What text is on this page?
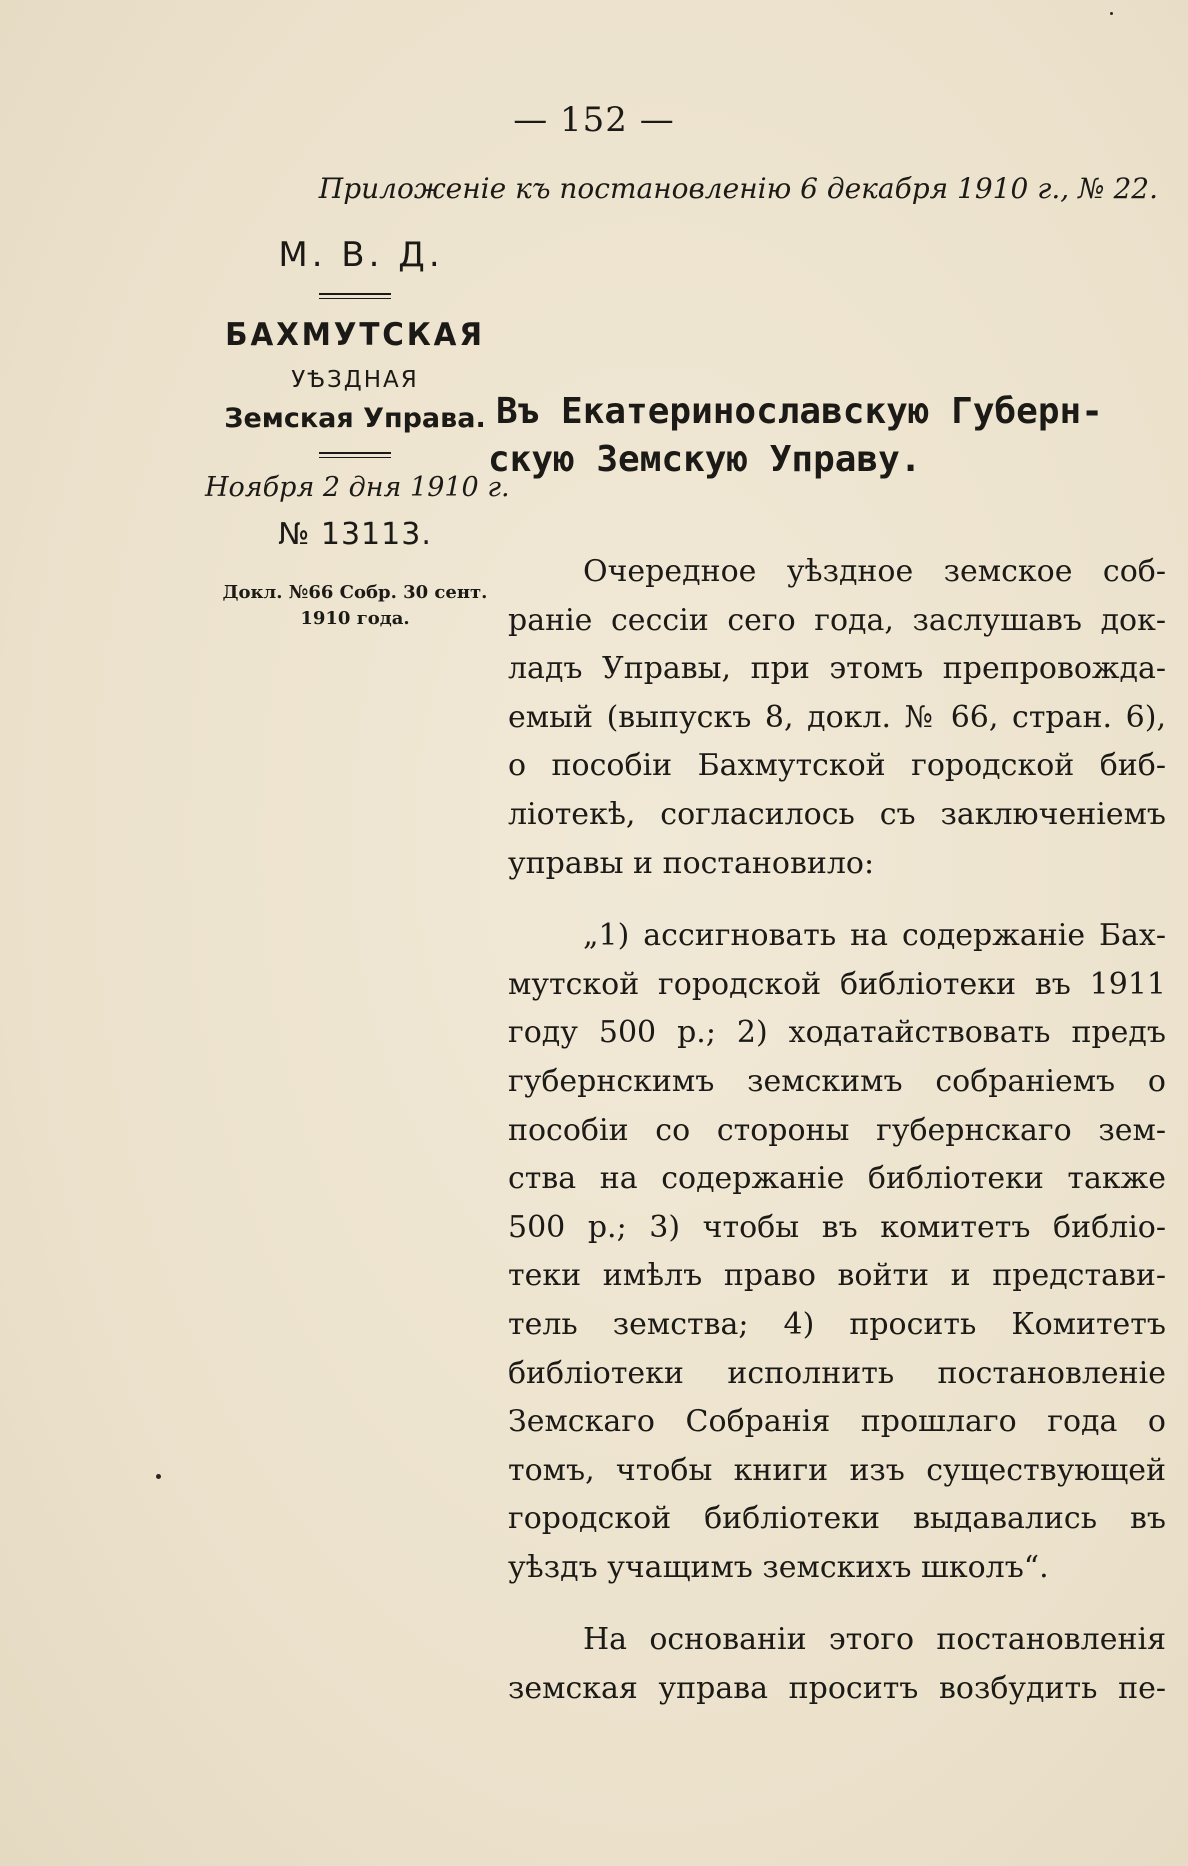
— 152 —
Приложеніе къ постановленію 6 декабря 1910 г., № 22.
М. В. Д.
БАХМУТСКАЯ
УѢЗДНАЯ
Земская Управа.
Ноября 2 дня 1910 г.
№ 13113.
Докл. №66 Собр. 30 сент.
1910 года.
Въ Екатеринославскую Губерн-
скую Земскую Управу.
Очередное уѣздное земское соб-
раніе сессіи сего года, заслушавъ док-
ладъ Управы, при этомъ препровожда-
емый (выпускъ 8, докл. № 66, стран. 6),
о пособіи Бахмутской городской биб-
ліотекѣ, согласилось съ заключеніемъ
управы и постановило:
„1) ассигновать на содержаніе Бах-
мутской городской библіотеки въ 1911
году 500 р.; 2) ходатайствовать предъ
губернскимъ земскимъ собраніемъ о
пособіи со стороны губернскаго зем-
ства на содержаніе библіотеки также
500 р.; 3) чтобы въ комитетъ библіо-
теки имѣлъ право войти и представи-
тель земства; 4) просить Комитетъ
библіотеки исполнить постановленіе
Земскаго Собранія прошлаго года о
томъ, чтобы книги изъ существующей
городской библіотеки выдавались въ
уѣздъ учащимъ земскихъ школъ“.
На основаніи этого постановленія
земская управа проситъ возбудить пе-
